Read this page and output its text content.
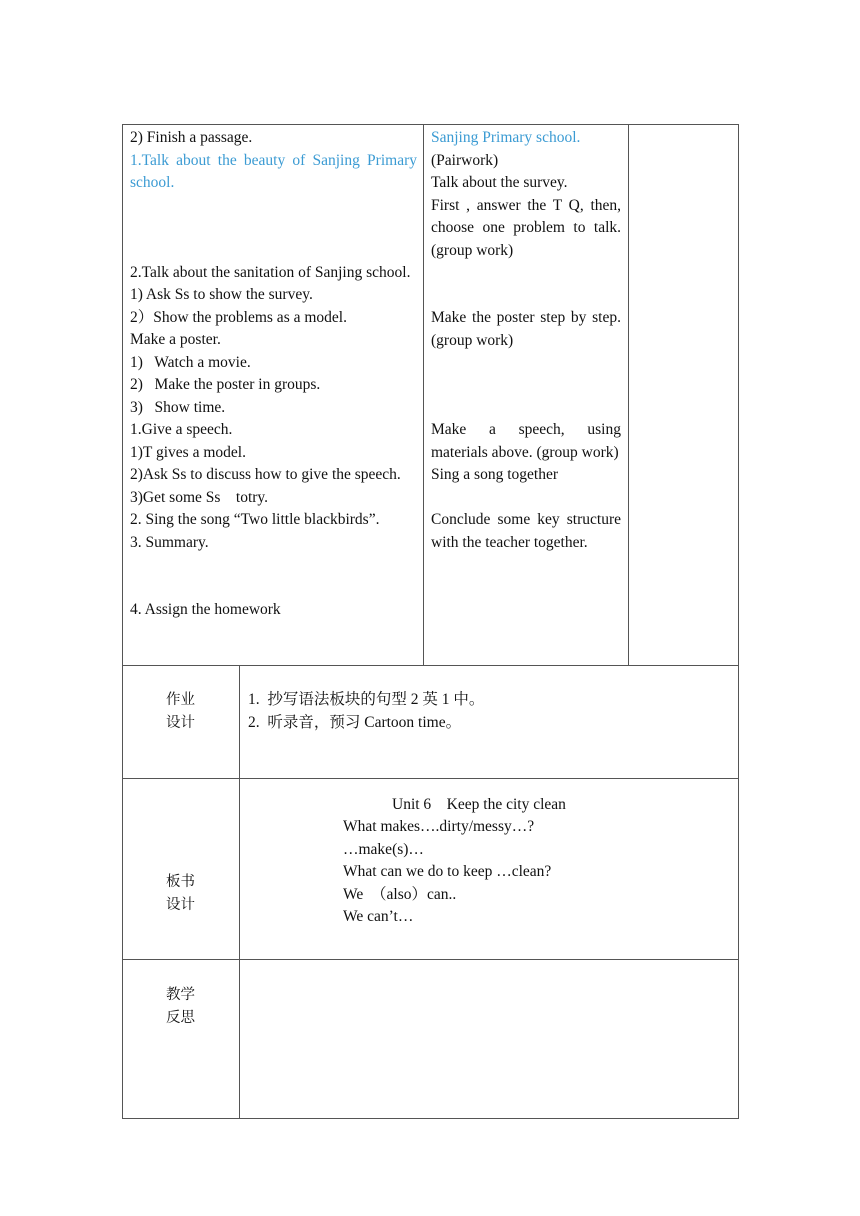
2) Finish a passage.
1.Talk about the beauty of Sanjing Primary school.
2.Talk about the sanitation of Sanjing school.
1) Ask Ss to show the survey.
2）Show the problems as a model.
Make a poster.
1)   Watch a movie.
2)   Make the poster in groups.
3)   Show time.
1.Give a speech.
1)T gives a model.
2)Ask Ss to discuss how to give the speech.
3)Get some Ss    totry.
2. Sing the song “Two little blackbirds”.
3. Summary.
4. Assign the homework
Sanjing Primary school.
(Pairwork)
Talk about the survey.
First , answer the T Q, then, choose one problem to talk. (group work)
Make the poster step by step. (group work)
Make a speech, using materials above. (group work)
Sing a song together
Conclude some key structure with the teacher together.
作业
设计
1.  抄写语法板块的句型 2 英 1 中。
2.  听录音，预习 Cartoon time。
板书
设计
Unit 6    Keep the city clean
What makes….dirty/messy…?
…make(s)…
What can we do to keep …clean?
We  （also）can..
We can’t…
教学
反思
